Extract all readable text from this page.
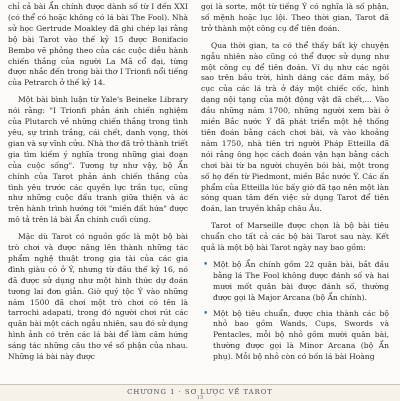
chỉ cả bài Ẩn chính được dành số từ I đến XXI (có thể có hoặc không có lá bài The Fool). Nhà sử học Gertrude Moakley đã ghi chép lại rằng bộ bài Tarot vào thế kỷ 15 được Bonifacio Bembo vẽ phỏng theo của các cuộc diễu hành chiến thắng của người La Mã cổ đại, từng được nhắc đến trong bài thơ I Trionfi nổi tiếng của Petrarch ở thế kỷ 14.

Một bài bình luận từ Yale's Beineke Library nói rằng: "I Trionfi phản ánh chiến nghiệm của Plutarch về những chiến thắng trong tình yêu, sự trinh trắng, cái chết, danh vọng, thời gian và sự vĩnh cửu. Nhà thơ đã trở thành triết gia tìm kiếm ý nghĩa trong những giai đoạn của cuộc sống". Tương tự như vậy, bộ Ẩn chính của Tarot phản ánh chiến thắng của tình yêu trước các quyền lực trần tục, cũng như những cuộc đấu tranh giữa thiện và ác trên hành trình hướng tới "miền đất hứa" được mô tả trên lá bài Ẩn chính cuối cùng.

Mặc dù Tarot có nguồn gốc là một bộ bài trò chơi và được nâng lên thành những tác phẩm nghệ thuật trong gia tài của các gia đình giàu có ở Ý, nhưng từ đầu thế kỷ 16, nó đã được sử dụng như một hình thức dự đoán tương lai đơn giản. Giờ quý tộc Ý vào những năm 1500 đã chơi một trò chơi có tên là tarrochi adapati, trong đó người chơi rút các quân bài một cách ngẫu nhiên, sau đó sử dụng hình ảnh có trên các lá bài để làm câm hứng sáng tác những câu thơ về số phận của nhau. Những lá bài này được

gọi là sorte, một từ tiếng Ý có nghĩa là số phận, số mệnh hoặc lục lội. Theo thời gian, Tarot đã trở thành một công cụ để tiên đoán.

Qua thời gian, ta có thể thấy bất kỳ chuyện ngẫu nhiên nào cũng có thể được sử dụng như một công cụ để tiên đoán. Ví dụ như các ngôi sao trên bầu trời, hình dáng các đám mây, bố cục của các lá trà ở đáy một chiếc cốc, hình dạng nội tạng của một động vật đã chết,... Vào đầu những năm 1700, những người xem bài ở miền Bắc nước Ý đã phát triển một hệ thống tiên đoán bằng cách chơi bài, và vào khoảng năm 1750, nhà tiên tri người Pháp Etteilla đã nói rằng ông học cách đoán vận hạn bằng cách chơi bài từ ba người chuyên bói bài, một trong số họ đến từ Piedmont, miền Bắc nước Ý. Các ấn phẩm của Etteilla lúc bấy giờ đã tạo nên một làn sóng quan tâm đến việc sử dụng Tarot để tiên đoán, lan truyền khắp châu Âu.

Tarot of Marseille được chọn là bộ bài tiêu chuẩn cho tất cả các bộ bài Tarot sau này. Kết quả là một bộ bài Tarot ngày nay bao gồm:

• Một bộ Ẩn chính gồm 22 quân bài, bắt đầu bằng lá The Fool không được đánh số và hai mươi mốt quân bài được đánh số, thường được gọi là Major Arcana (bộ Ẩn chính).
• Một bộ tiêu chuẩn, được chia thành các bộ nhỏ bao gồm Wands, Cups, Swords và Pentacles, mỗi bộ nhỏ gồm mười quân bài, thường được gọi là Minor Arcana (bộ Ẩn phụ). Mỗi bộ nhỏ còn có bốn lá bài Hoàng
CHƯƠNG 1 · SƠ LƯỢC VỀ TAROT
15
